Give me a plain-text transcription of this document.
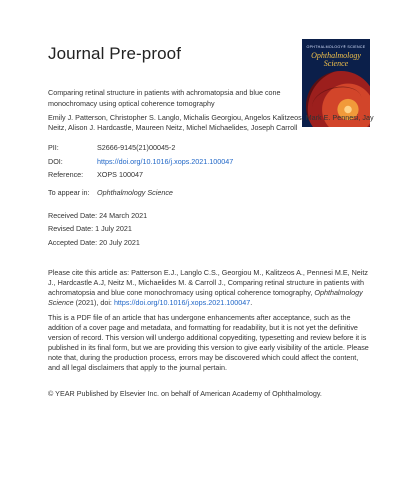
Journal Pre-proof	OPHTHALMOLOGY® SCIENCE
Ophthalmology
Science
Comparing retinal structure in patients with achromatopsia and blue cone monochromacy using optical coherence tomography
Emily J. Patterson, Christopher S. Langlo, Michalis Georgiou, Angelos Kalitzeos, Mark E. Pennesi, Jay Neitz, Alison J. Hardcastle, Maureen Neitz, Michel Michaelides, Joseph Carroll
PII:	S2666-9145(21)00045-2
DOI:	https://doi.org/10.1016/j.xops.2021.100047
Reference: XOPS 100047
To appear in: Ophthalmology Science
Received Date: 24 March 2021
Revised Date: 1 July 2021
Accepted Date: 20 July 2021
Please cite this article as: Patterson E.J., Langlo C.S., Georgiou M., Kalitzeos A., Pennesi M.E, Neitz J., Hardcastle A.J, Neitz M., Michaelides M. & Carroll J., Comparing retinal structure in patients with achromatopsia and blue cone monochromacy using optical coherence tomography, Ophthalmology Science (2021), doi: https://doi.org/10.1016/j.xops.2021.100047.
This is a PDF file of an article that has undergone enhancements after acceptance, such as the addition of a cover page and metadata, and formatting for readability, but it is not yet the definitive version of record. This version will undergo additional copyediting, typesetting and review before it is published in its final form, but we are providing this version to give early visibility of the article. Please note that, during the production process, errors may be discovered which could affect the content, and all legal disclaimers that apply to the journal pertain.
© YEAR Published by Elsevier Inc. on behalf of American Academy of Ophthalmology.
